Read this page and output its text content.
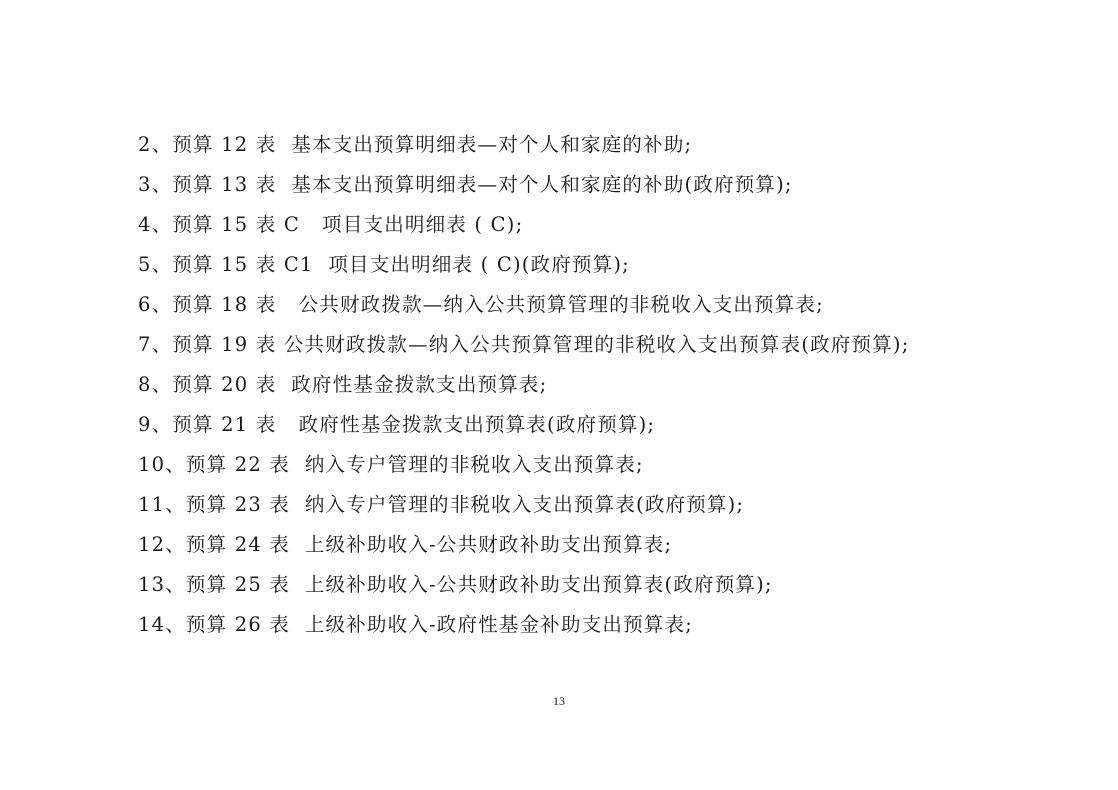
2、预算 12 表  基本支出预算明细表—对个人和家庭的补助;
3、预算 13 表  基本支出预算明细表—对个人和家庭的补助(政府预算);
4、预算 15 表 C   项目支出明细表 ( C);
5、预算 15 表 C1  项目支出明细表 ( C)(政府预算);
6、预算 18 表   公共财政拨款—纳入公共预算管理的非税收入支出预算表;
7、预算 19 表 公共财政拨款—纳入公共预算管理的非税收入支出预算表(政府预算);
8、预算 20 表  政府性基金拨款支出预算表;
9、预算 21 表   政府性基金拨款支出预算表(政府预算);
10、预算 22 表  纳入专户管理的非税收入支出预算表;
11、预算 23 表  纳入专户管理的非税收入支出预算表(政府预算);
12、预算 24 表  上级补助收入-公共财政补助支出预算表;
13、预算 25 表  上级补助收入-公共财政补助支出预算表(政府预算);
14、预算 26 表  上级补助收入-政府性基金补助支出预算表;
13
